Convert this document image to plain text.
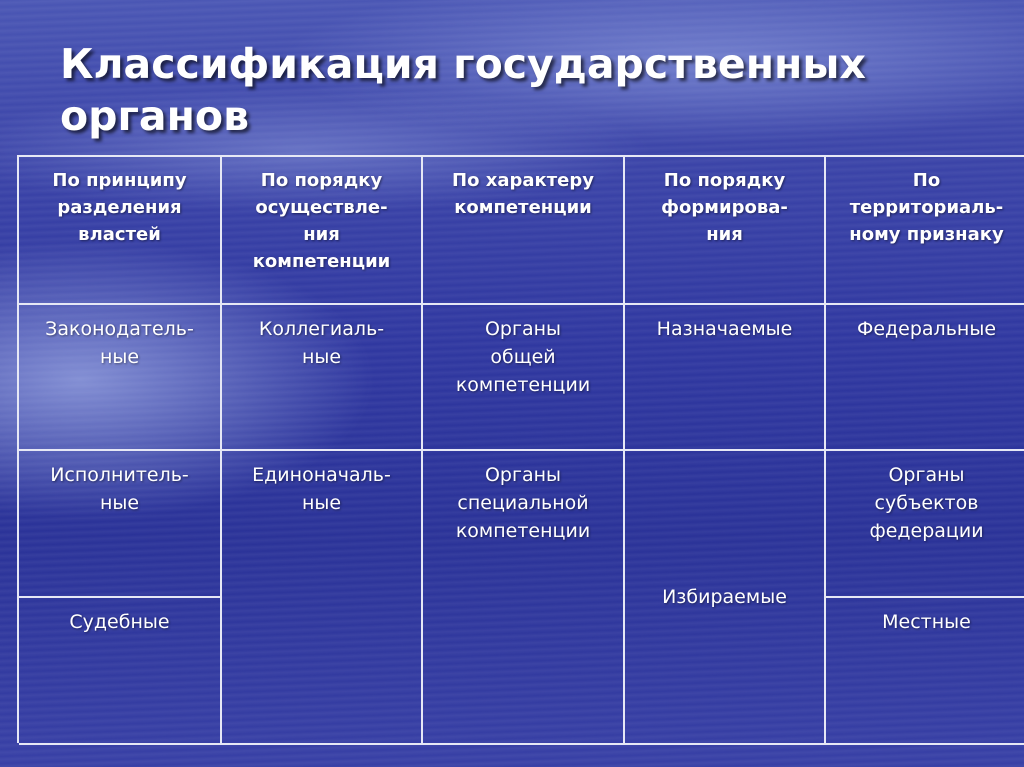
Классификация государственных органов
По принципу
разделения
властей
По порядку
осуществле-
ния
компетенции
По характеру
компетенции
По порядку
формирова-
ния
По
территориаль-
ному признаку
Законодатель-
ные
Исполнитель-
ные
Судебные
Коллегиаль-
ные
Единоначаль-
ные
Органы
общей
компетенции
Органы
специальной
компетенции
Назначаемые
Избираемые
Федеральные
Органы
субъектов
федерации
Местные
